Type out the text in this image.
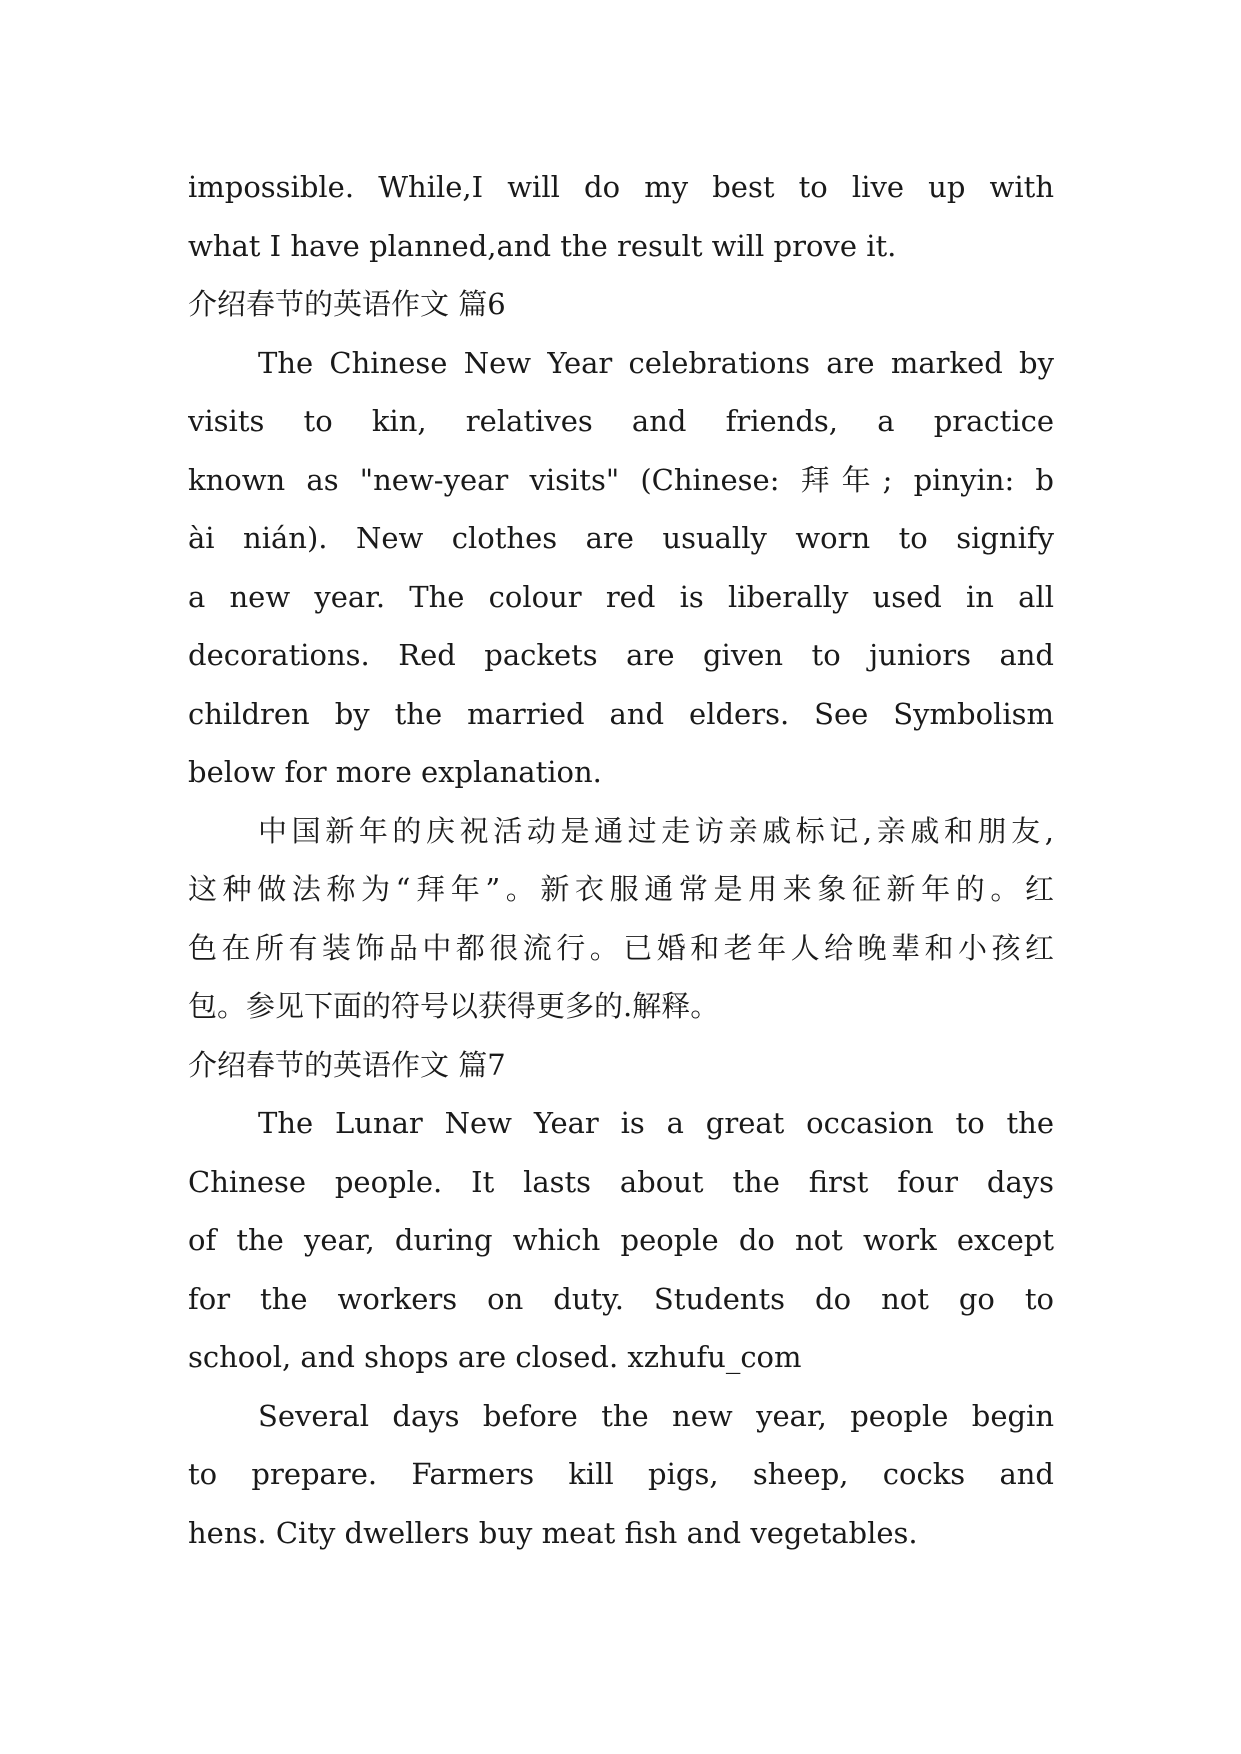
impossible. While,I will do my best to live up with
what I have planned,and the result will prove it.
介绍春节的英语作文 篇6
The Chinese New Year celebrations are marked by
visits to kin, relatives and friends, a practice
known as "new-year visits" (Chinese: 拜年; pinyin: b
ài nián). New clothes are usually worn to signify
a new year. The colour red is liberally used in all
decorations. Red packets are given to juniors and
children by the married and elders. See Symbolism
below for more explanation.
中国新年的庆祝活动是通过走访亲戚标记,亲戚和朋友,
这种做法称为“拜年”。新衣服通常是用来象征新年的。红
色在所有装饰品中都很流行。已婚和老年人给晚辈和小孩红
包。参见下面的符号以获得更多的.解释。
介绍春节的英语作文 篇7
The Lunar New Year is a great occasion to the
Chinese people. It lasts about the first four days
of the year, during which people do not work except
for the workers on duty. Students do not go to
school, and shops are closed. xzhufu_com
Several days before the new year, people begin
to prepare. Farmers kill pigs, sheep, cocks and
hens. City dwellers buy meat fish and vegetables.
